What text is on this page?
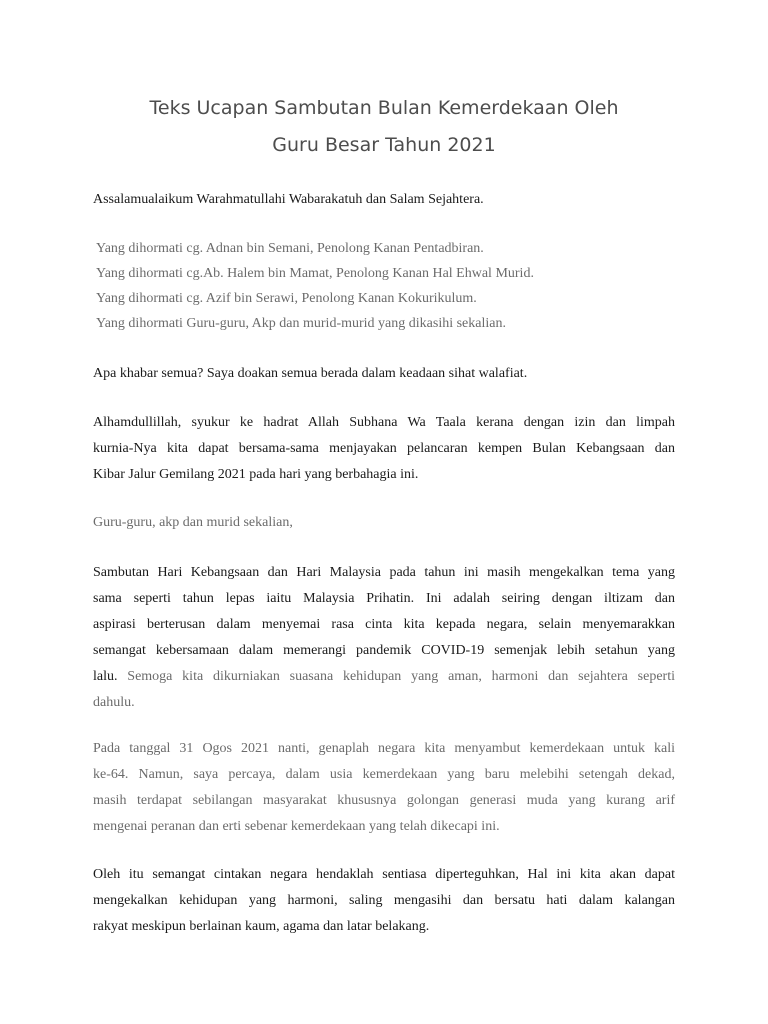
Teks Ucapan Sambutan Bulan Kemerdekaan Oleh
Guru Besar Tahun 2021

Assalamualaikum Warahmatullahi Wabarakatuh dan Salam Sejahtera.

Yang dihormati cg. Adnan bin Semani, Penolong Kanan Pentadbiran.
Yang dihormati cg.Ab. Halem bin Mamat, Penolong Kanan Hal Ehwal Murid.
Yang dihormati cg. Azif bin Serawi, Penolong Kanan Kokurikulum.
Yang dihormati Guru-guru, Akp dan murid-murid yang dikasihi sekalian.

Apa khabar semua? Saya doakan semua berada dalam keadaan sihat walafiat.

Alhamdullillah, syukur ke hadrat Allah Subhana Wa Taala kerana dengan izin dan limpah
kurnia-Nya kita dapat bersama-sama menjayakan pelancaran kempen Bulan Kebangsaan dan
Kibar Jalur Gemilang 2021 pada hari yang berbahagia ini.

Guru-guru, akp dan murid sekalian,

Sambutan Hari Kebangsaan dan Hari Malaysia pada tahun ini masih mengekalkan tema yang
sama seperti tahun lepas iaitu Malaysia Prihatin. Ini adalah seiring dengan iltizam dan
aspirasi berterusan dalam menyemai rasa cinta kita kepada negara, selain menyemarakkan
semangat kebersamaan dalam memerangi pandemik COVID-19 semenjak lebih setahun yang
lalu. Semoga kita dikurniakan suasana kehidupan yang aman, harmoni dan sejahtera seperti
dahulu.

Pada tanggal 31 Ogos 2021 nanti, genaplah negara kita menyambut kemerdekaan untuk kali
ke-64. Namun, saya percaya, dalam usia kemerdekaan yang baru melebihi setengah dekad,
masih terdapat sebilangan masyarakat khususnya golongan generasi muda yang kurang arif
mengenai peranan dan erti sebenar kemerdekaan yang telah dikecapi ini.

Oleh itu semangat cintakan negara hendaklah sentiasa diperteguhkan, Hal ini kita akan dapat
mengekalkan kehidupan yang harmoni, saling mengasihi dan bersatu hati dalam kalangan
rakyat meskipun berlainan kaum, agama dan latar belakang.
